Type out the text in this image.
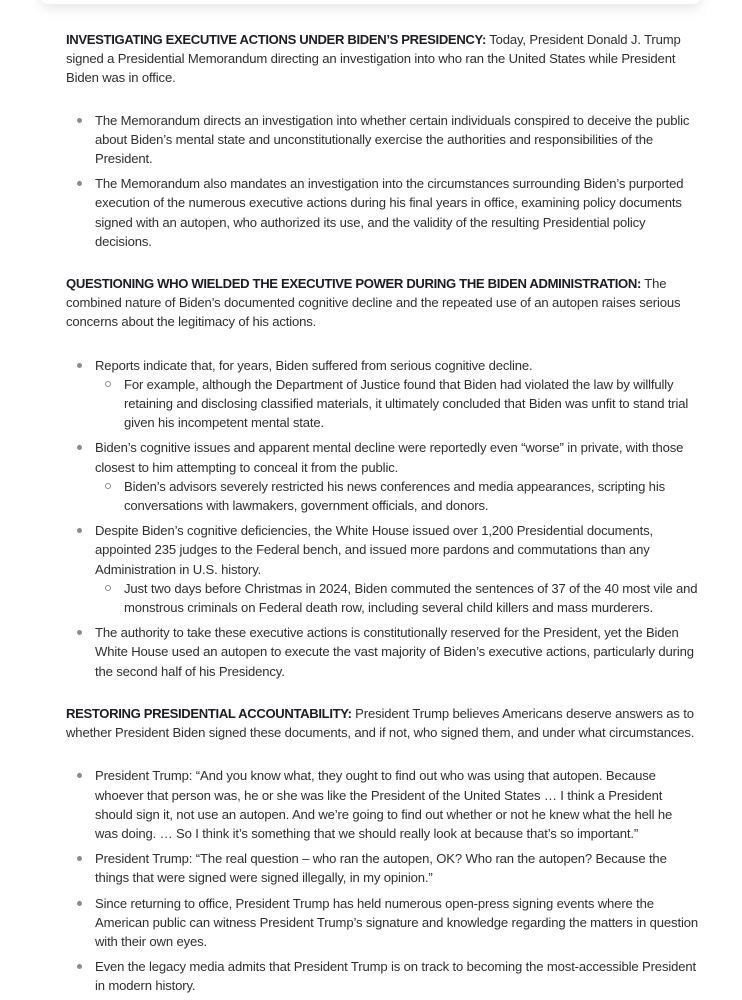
INVESTIGATING EXECUTIVE ACTIONS UNDER BIDEN’S PRESIDENCY: Today, President Donald J. Trump signed a Presidential Memorandum directing an investigation into who ran the United States while President Biden was in office.

The Memorandum directs an investigation into whether certain individuals conspired to deceive the public about Biden’s mental state and unconstitutionally exercise the authorities and responsibilities of the President.
The Memorandum also mandates an investigation into the circumstances surrounding Biden’s purported execution of the numerous executive actions during his final years in office, examining policy documents signed with an autopen, who authorized its use, and the validity of the resulting Presidential policy decisions.

QUESTIONING WHO WIELDED THE EXECUTIVE POWER DURING THE BIDEN ADMINISTRATION: The combined nature of Biden’s documented cognitive decline and the repeated use of an autopen raises serious concerns about the legitimacy of his actions.

Reports indicate that, for years, Biden suffered from serious cognitive decline.
For example, although the Department of Justice found that Biden had violated the law by willfully retaining and disclosing classified materials, it ultimately concluded that Biden was unfit to stand trial given his incompetent mental state.
Biden’s cognitive issues and apparent mental decline were reportedly even “worse” in private, with those closest to him attempting to conceal it from the public.
Biden’s advisors severely restricted his news conferences and media appearances, scripting his conversations with lawmakers, government officials, and donors.
Despite Biden’s cognitive deficiencies, the White House issued over 1,200 Presidential documents, appointed 235 judges to the Federal bench, and issued more pardons and commutations than any Administration in U.S. history.
Just two days before Christmas in 2024, Biden commuted the sentences of 37 of the 40 most vile and monstrous criminals on Federal death row, including several child killers and mass murderers.
The authority to take these executive actions is constitutionally reserved for the President, yet the Biden White House used an autopen to execute the vast majority of Biden’s executive actions, particularly during the second half of his Presidency.

RESTORING PRESIDENTIAL ACCOUNTABILITY: President Trump believes Americans deserve answers as to whether President Biden signed these documents, and if not, who signed them, and under what circumstances.

President Trump: “And you know what, they ought to find out who was using that autopen. Because whoever that person was, he or she was like the President of the United States … I think a President should sign it, not use an autopen. And we’re going to find out whether or not he knew what the hell he was doing. … So I think it’s something that we should really look at because that’s so important.”
President Trump: “The real question – who ran the autopen, OK? Who ran the autopen? Because the things that were signed were signed illegally, in my opinion.”
Since returning to office, President Trump has held numerous open-press signing events where the American public can witness President Trump’s signature and knowledge regarding the matters in question with their own eyes.
Even the legacy media admits that President Trump is on track to becoming the most-accessible President in modern history.
